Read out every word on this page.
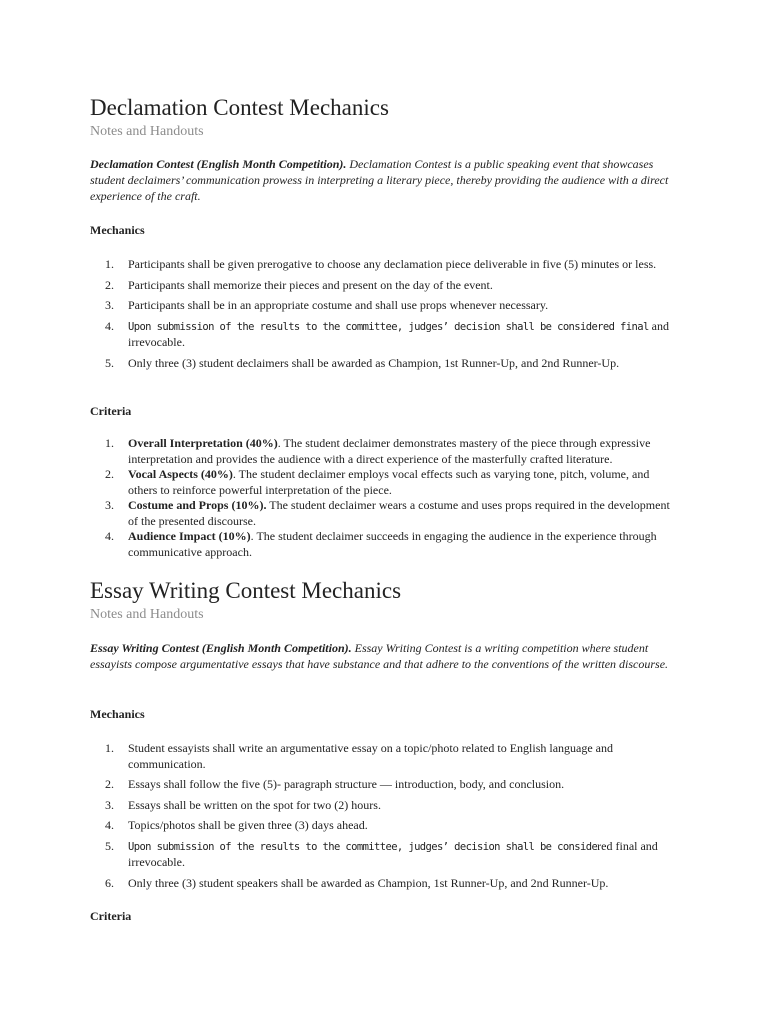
Declamation Contest Mechanics
Notes and Handouts

Declamation Contest (English Month Competition). Declamation Contest is a public speaking event that showcases student declaimers’ communication prowess in interpreting a literary piece, thereby providing the audience with a direct experience of the craft.

Mechanics

1. Participants shall be given prerogative to choose any declamation piece deliverable in five (5) minutes or less.
2. Participants shall memorize their pieces and present on the day of the event.
3. Participants shall be in an appropriate costume and shall use props whenever necessary.
4. Upon submission of the results to the committee, judges’ decision shall be considered final and irrevocable.
5. Only three (3) student declaimers shall be awarded as Champion, 1st Runner-Up, and 2nd Runner-Up.

Criteria

1. Overall Interpretation (40%). The student declaimer demonstrates mastery of the piece through expressive interpretation and provides the audience with a direct experience of the masterfully crafted literature.
2. Vocal Aspects (40%). The student declaimer employs vocal effects such as varying tone, pitch, volume, and others to reinforce powerful interpretation of the piece.
3. Costume and Props (10%). The student declaimer wears a costume and uses props required in the development of the presented discourse.
4. Audience Impact (10%). The student declaimer succeeds in engaging the audience in the experience through communicative approach.
Essay Writing Contest Mechanics
Notes and Handouts

Essay Writing Contest (English Month Competition). Essay Writing Contest is a writing competition where student essayists compose argumentative essays that have substance and that adhere to the conventions of the written discourse.

Mechanics

1. Student essayists shall write an argumentative essay on a topic/photo related to English language and communication.
2. Essays shall follow the five (5)- paragraph structure — introduction, body, and conclusion.
3. Essays shall be written on the spot for two (2) hours.
4. Topics/photos shall be given three (3) days ahead.
5. Upon submission of the results to the committee, judges’ decision shall be considered final and irrevocable.
6. Only three (3) student speakers shall be awarded as Champion, 1st Runner-Up, and 2nd Runner-Up.

Criteria
